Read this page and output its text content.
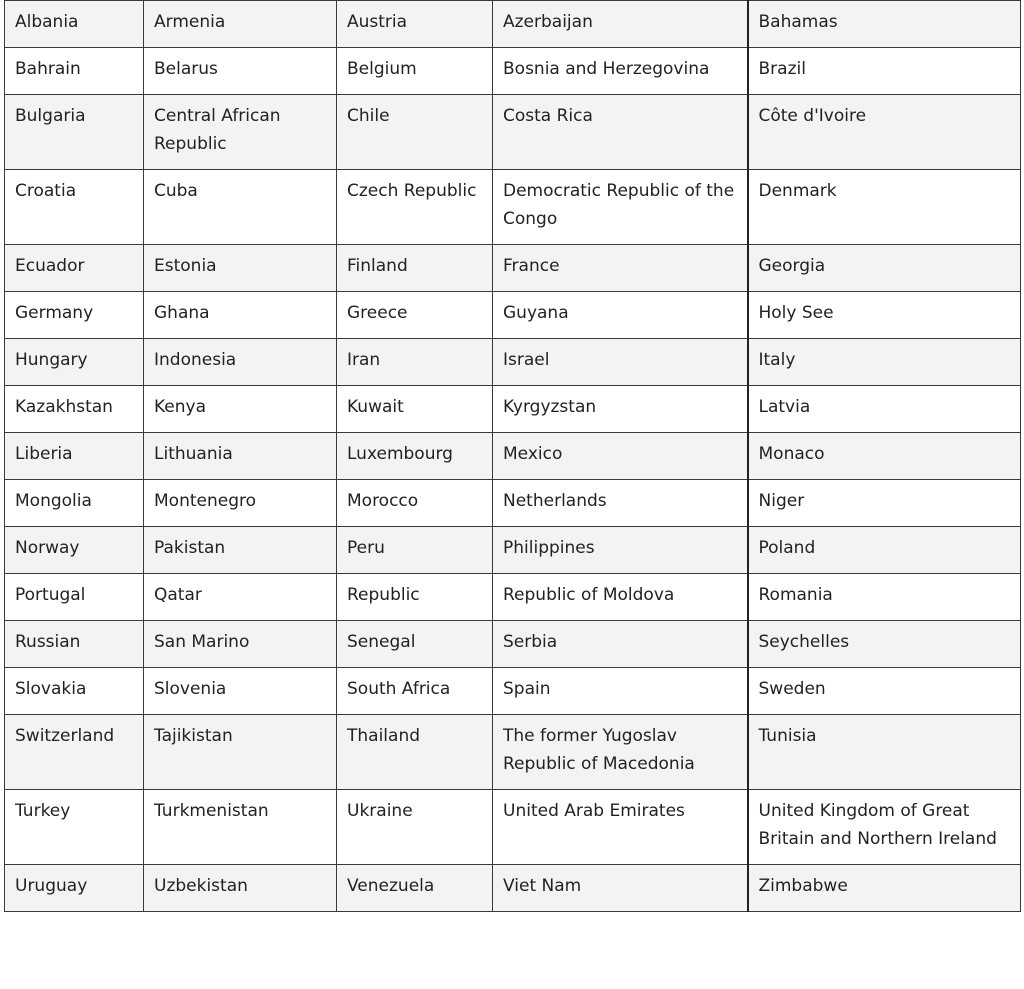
Albania	Armenia	Austria	Azerbaijan	Bahamas
Bahrain	Belarus	Belgium	Bosnia and Herzegovina	Brazil
Bulgaria	Central African Republic	Chile	Costa Rica	Côte d'Ivoire
Croatia	Cuba	Czech Republic	Democratic Republic of the Congo	Denmark
Ecuador	Estonia	Finland	France	Georgia
Germany	Ghana	Greece	Guyana	Holy See
Hungary	Indonesia	Iran	Israel	Italy
Kazakhstan	Kenya	Kuwait	Kyrgyzstan	Latvia
Liberia	Lithuania	Luxembourg	Mexico	Monaco
Mongolia	Montenegro	Morocco	Netherlands	Niger
Norway	Pakistan	Peru	Philippines	Poland
Portugal	Qatar	Republic	Republic of Moldova	Romania
Russian	San Marino	Senegal	Serbia	Seychelles
Slovakia	Slovenia	South Africa	Spain	Sweden
Switzerland	Tajikistan	Thailand	The former Yugoslav Republic of Macedonia	Tunisia
Turkey	Turkmenistan	Ukraine	United Arab Emirates	United Kingdom of Great Britain and Northern Ireland
Uruguay	Uzbekistan	Venezuela	Viet Nam	Zimbabwe
